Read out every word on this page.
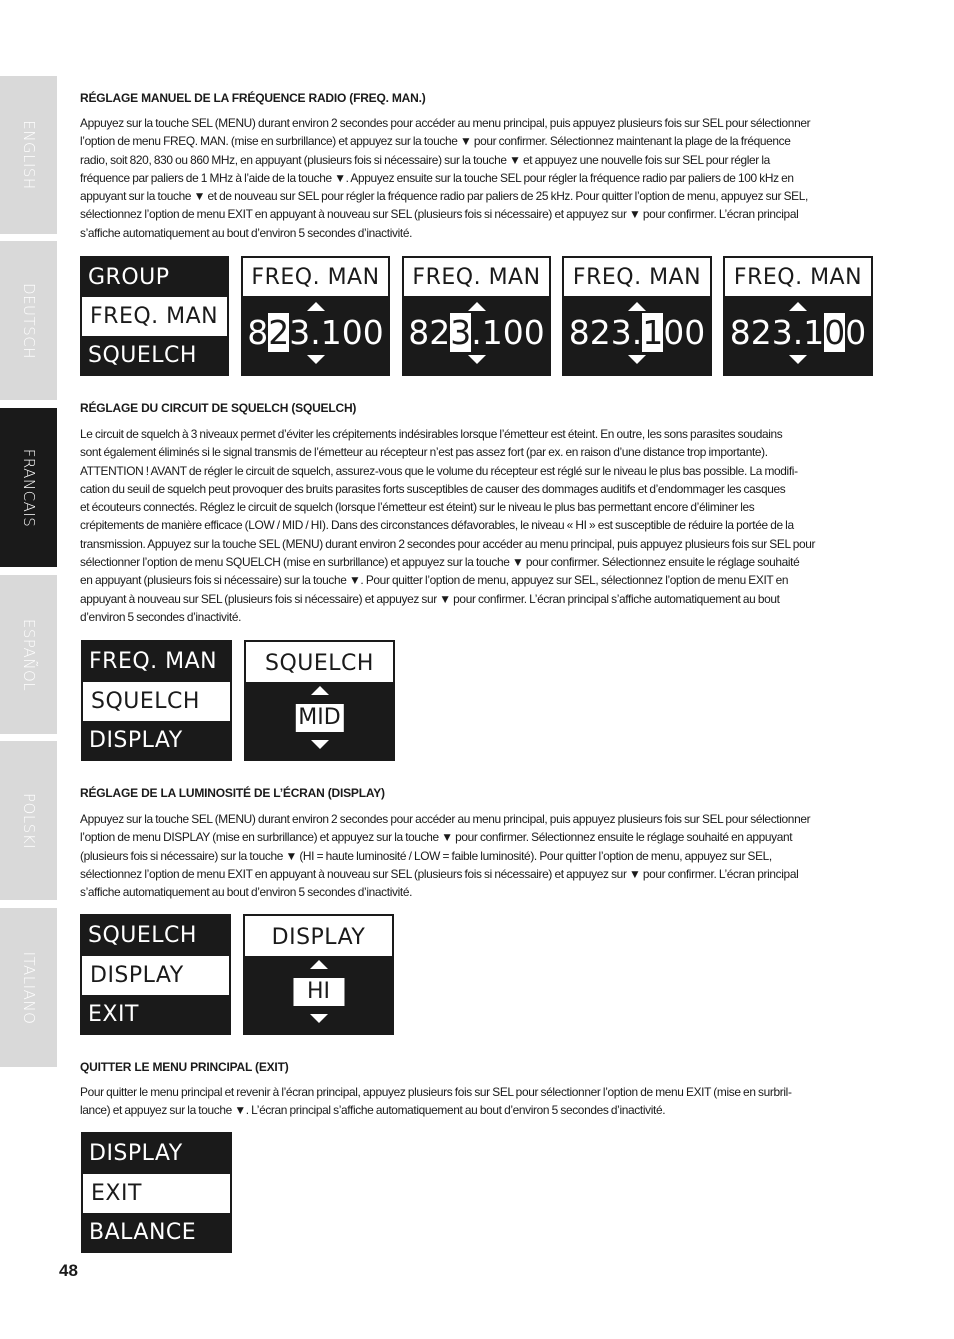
ENGLISH
DEUTSCH
FRANCAIS
ESPAÑOL
POLSKI
ITALIANO
RÉGLAGE MANUEL DE LA FRÉQUENCE RADIO (FREQ. MAN.)

Appuyez sur la touche SEL (MENU) durant environ 2 secondes pour accéder au menu principal, puis appuyez plusieurs fois sur SEL pour sélectionner

l’option de menu FREQ. MAN. (mise en surbrillance) et appuyez sur la touche ▼ pour confirmer. Sélectionnez maintenant la plage de la fréquence

radio, soit 820, 830 ou 860 MHz, en appuyant (plusieurs fois si nécessaire) sur la touche ▼ et appuyez une nouvelle fois sur SEL pour régler la

fréquence par paliers de 1 MHz à l’aide de la touche ▼. Appuyez ensuite sur la touche SEL pour régler la fréquence radio par paliers de 100 kHz en

appuyant sur la touche ▼ et de nouveau sur SEL pour régler la fréquence radio par paliers de 25 kHz. Pour quitter l’option de menu, appuyez sur SEL,

sélectionnez l’option de menu EXIT en appuyant à nouveau sur SEL (plusieurs fois si nécessaire) et appuyez sur ▼ pour confirmer. L’écran principal

s’affiche automatiquement au bout d’environ 5 secondes d’inactivité.

GROUP
FREQ. MAN
SQUELCH
FREQ. MAN
823.100
FREQ. MAN
823.100
FREQ. MAN
823.100
FREQ. MAN
823.100
RÉGLAGE DU CIRCUIT DE SQUELCH (SQUELCH)

Le circuit de squelch à 3 niveaux permet d’éviter les crépitements indésirables lorsque l’émetteur est éteint. En outre, les sons parasites soudains

sont également éliminés si le signal transmis de l’émetteur au récepteur n’est pas assez fort (par ex. en raison d’une distance trop importante).

ATTENTION ! AVANT de régler le circuit de squelch, assurez-vous que le volume du récepteur est réglé sur le niveau le plus bas possible. La modifi-

cation du seuil de squelch peut provoquer des bruits parasites forts susceptibles de causer des dommages auditifs et d’endommager les casques

et écouteurs connectés. Réglez le circuit de squelch (lorsque l’émetteur est éteint) sur le niveau le plus bas permettant encore d’éliminer les

crépitements de manière efficace (LOW / MID / HI). Dans des circonstances défavorables, le niveau « HI » est susceptible de réduire la portée de la

transmission. Appuyez sur la touche SEL (MENU) durant environ 2 secondes pour accéder au menu principal, puis appuyez plusieurs fois sur SEL pour

sélectionner l’option de menu SQUELCH (mise en surbrillance) et appuyez sur la touche ▼ pour confirmer. Sélectionnez ensuite le réglage souhaité

en appuyant (plusieurs fois si nécessaire) sur la touche ▼. Pour quitter l’option de menu, appuyez sur SEL, sélectionnez l’option de menu EXIT en

appuyant à nouveau sur SEL (plusieurs fois si nécessaire) et appuyez sur ▼ pour confirmer. L’écran principal s’affiche automatiquement au bout

d’environ 5 secondes d’inactivité.

FREQ. MAN
SQUELCH
DISPLAY
SQUELCH
MID
RÉGLAGE DE LA LUMINOSITÉ DE L’ÉCRAN (DISPLAY)

Appuyez sur la touche SEL (MENU) durant environ 2 secondes pour accéder au menu principal, puis appuyez plusieurs fois sur SEL pour sélectionner

l’option de menu DISPLAY (mise en surbrillance) et appuyez sur la touche ▼ pour confirmer. Sélectionnez ensuite le réglage souhaité en appuyant

(plusieurs fois si nécessaire) sur la touche ▼ (HI = haute luminosité / LOW = faible luminosité). Pour quitter l’option de menu, appuyez sur SEL,

sélectionnez l’option de menu EXIT en appuyant à nouveau sur SEL (plusieurs fois si nécessaire) et appuyez sur ▼ pour confirmer. L’écran principal

s’affiche automatiquement au bout d’environ 5 secondes d’inactivité.

SQUELCH
DISPLAY
EXIT
DISPLAY
HI
QUITTER LE MENU PRINCIPAL (EXIT)

Pour quitter le menu principal et revenir à l’écran principal, appuyez plusieurs fois sur SEL pour sélectionner l’option de menu EXIT (mise en surbril-

lance) et appuyez sur la touche ▼. L’écran principal s’affiche automatiquement au bout d’environ 5 secondes d’inactivité.

DISPLAY
EXIT
BALANCE
48
